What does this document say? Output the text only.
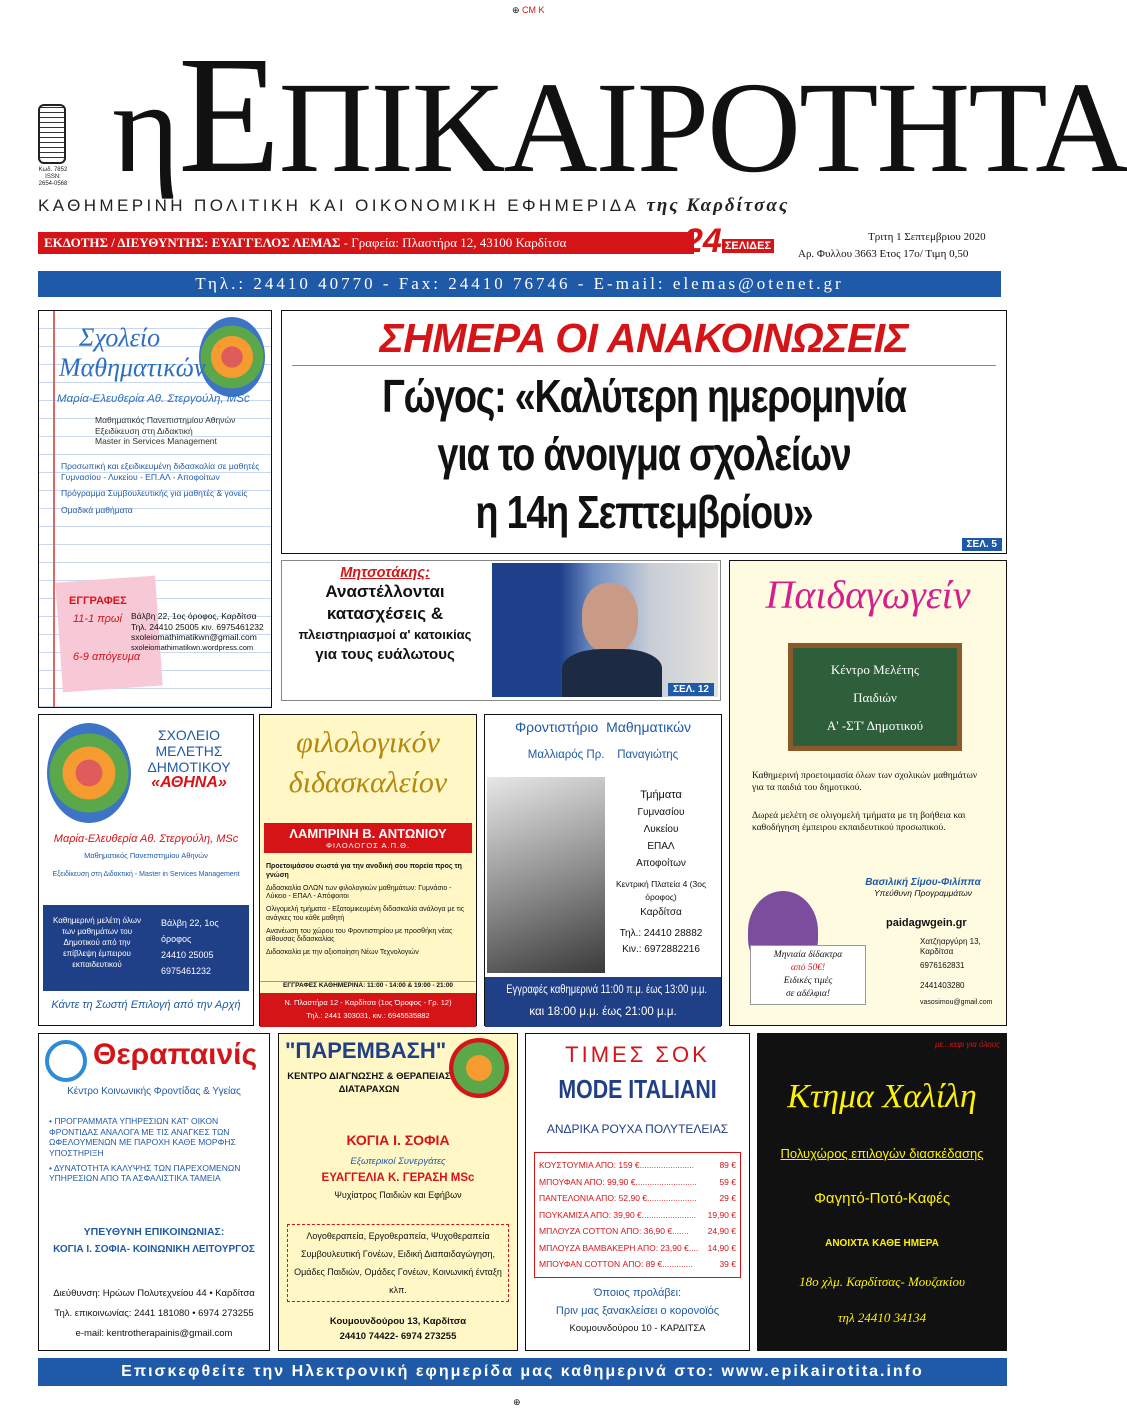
⊕ CM K
⊕
Κωδ. 7852
ISSN: 2654-0568 ηΕΠΙΚΑΙΡΟΤΗΤΑ
ΚΑΘΗΜΕΡΙΝΗ ΠΟΛΙΤΙΚΗ ΚΑΙ ΟΙΚΟΝΟΜΙΚΗ ΕΦΗΜΕΡΙΔΑ της Καρδίτσας
ΕΚΔΟΤΗΣ / ΔΙΕΥΘΥΝΤΗΣ: ΕΥΑΓΓΕΛΟΣ ΛΕΜΑΣ - Γραφεία: Πλαστήρα 12, 43100 Καρδίτσα	24 ΣΕΛΙΔΕΣ
Τριτη 1 Σεπτεμβριου 2020
Αρ. Φυλλου 3663 Ετος 17ο/ Τιμη 0,50
Τηλ.: 24410 40770 - Fax: 24410 76746 - E-mail: elemas@otenet.gr
Σχολείο
Μαθηματικών
Μαρία-Ελευθερία Αθ. Στεργούλη, MSc
Μαθηματικός Πανεπιστημίου Αθηνών
Εξειδίκευση στη Διδακτική
Master in Services Management
Προσωπική και εξειδικευμένη διδασκαλία σε μαθητές Γυμνασίου - Λυκείου - ΕΠ.ΑΛ - Αποφοίτων
Πρόγραμμα Συμβουλευτικής για μαθητές & γονείς
Ομαδικά μαθήματα
ΕΓΓΡΑΦΕΣ
11-1 πρωί
6-9 απόγευμα
Βάλβη 22, 1ος όροφος, Καρδίτσα
Τηλ. 24410 25005 κιν. 6975461232
sxoleiomathimatikwn@gmail.com
sxoleiomathimatikwn.wordpress.com
ΣΗΜΕΡΑ ΟΙ ΑΝΑΚΟΙΝΩΣΕΙΣ
Γώγος: «Καλύτερη ημερομηνία
για το άνοιγμα σχολείων
η 14η Σεπτεμβρίου»
ΣΕΛ. 5
Μητσοτάκης:
Αναστέλλονται
κατασχέσεις &
πλειστηριασμοί α' κατοικίας
για τους ευάλωτους
ΣΕΛ. 12
Παιδαγωγείν
Κέντρο Μελέτης
Παιδιών
Α' -ΣΤ' Δημοτικού
Καθημερινή προετοιμασία όλων των σχολικών μαθημάτων για τα παιδιά του δημοτικού.
Δωρεά μελέτη σε ολιγομελή τμήματα με τη βοήθεια και καθοδήγηση έμπειρου εκπαιδευτικού προσωπικού.
Βασιλική Σίμου-Φιλίππα
Υπεύθυνη Προγραμμάτων
paidagwgein.gr
Μηνιαία δίδακτρα
από 50€!
Ειδικές τιμές
σε αδέλφια!
Χατζηαργύρη 13, Καρδίτσα
6976162831
2441403280
vasosimou@gmail.com
ΣΧΟΛΕΙΟ
ΜΕΛΕΤΗΣ
ΔΗΜΟΤΙΚΟΥ
«ΑΘΗΝΑ»
Μαρία-Ελευθερία Αθ. Στεργούλη, MSc
Μαθηματικός Πανεπιστημίου Αθηνών
Εξειδίκευση στη Διδακτική - Master in Services Management
Καθημερινή μελέτη όλων των μαθημάτων του Δημοτικού από την επίβλεψη έμπειρου εκπαιδευτικού
Βάλβη 22, 1ος όροφος
24410 25005
6975461232
Κάντε τη Σωστή Επιλογή από την Αρχή
φιλολογικόν
διδασκαλείον
ΛΑΜΠΡΙΝΗ Β. ΑΝΤΩΝΙΟΥ
ΦΙΛΟΛΟΓΟΣ Α.Π.Θ.
Προετοιμάσου σωστά για την ανοδική σου πορεία προς τη γνώση
Διδασκαλία ΟΛΩΝ των φιλολογικών μαθημάτων: Γυμνάσιο - Λύκειο - ΕΠΑΛ - Απόφοιτοι
Ολιγομελή τμήματα - Εξατομικευμένη διδασκαλία ανάλογα με τις ανάγκες του κάθε μαθητή
Ανανέωση του χώρου του Φροντιστηρίου με προσθήκη νέας αίθουσας διδασκαλίας
Διδασκαλία με την αξιοποίηση Νέων Τεχνολογιών
ΕΓΓΡΑΦΕΣ ΚΑΘΗΜΕΡΙΝΑ: 11:00 - 14:00 & 19:00 - 21:00
Ν. Πλαστήρα 12 - Καρδίτσα (1ος Όροφος - Γρ. 12)
Τηλ.: 2441 303031, κιν.: 6945535882
Φροντιστήριο  Μαθηματικών
Μαλλιαρός Πρ.    Παναγιώτης
Τμήματα
Γυμνασίου
Λυκείου
ΕΠΑΛ
Αποφοίτων
Κεντρική Πλατεία 4 (3ος όροφος)
Καρδίτσα
Τηλ.: 24410 28882
Κιν.: 6972882216
Εγγραφές καθημερινά 11:00 π.μ. έως 13:00 μ.μ.
και 18:00 μ.μ. έως 21:00 μ.μ.
Θεραπαινίς
Κέντρο Κοινωνικής Φροντίδας & Υγείας
• ΠΡΟΓΡΑΜΜΑΤΑ ΥΠΗΡΕΣΙΩΝ ΚΑΤ' ΟΙΚΟΝ ΦΡΟΝΤΙΔΑΣ ΑΝΑΛΟΓΑ ΜΕ ΤΙΣ ΑΝΑΓΚΕΣ ΤΩΝ ΩΦΕΛΟΥΜΕΝΩΝ ΜΕ ΠΑΡΟΧΗ ΚΑΘΕ ΜΟΡΦΗΣ ΥΠΟΣΤΗΡΙΞΗ
• ΔΥΝΑΤΟΤΗΤΑ ΚΑΛΥΨΗΣ ΤΩΝ ΠΑΡΕΧΟΜΕΝΩΝ ΥΠΗΡΕΣΙΩΝ ΑΠΟ ΤΑ ΑΣΦΑΛΙΣΤΙΚΑ ΤΑΜΕΙΑ
ΥΠΕΥΘΥΝΗ ΕΠΙΚΟΙΝΩΝΙΑΣ:
ΚΟΓΙΑ Ι. ΣΟΦΙΑ- ΚΟΙΝΩΝΙΚΗ ΛΕΙΤΟΥΡΓΟΣ
Διεύθυνση: Ηρώων Πολυτεχνείου 44 • Καρδίτσα
Τηλ. επικοινωνίας: 2441 181080 • 6974 273255
e-mail: kentrotherapainis@gmail.com
"ΠΑΡΕΜΒΑΣΗ"
ΚΕΝΤΡΟ ΔΙΑΓΝΩΣΗΣ & ΘΕΡΑΠΕΙΑΣ ΔΙΑΤΑΡΑΧΩΝ
ΚΟΓΙΑ Ι. ΣΟΦΙΑ
Εξωτερικοί Συνεργάτες
ΕΥΑΓΓΕΛΙΑ Κ. ΓΕΡΑΣΗ MSc
Ψυχίατρος Παιδιών και Εφήβων
Λογοθεραπεία, Εργοθεραπεία, Ψυχοθεραπεία Συμβουλευτική Γονέων, Ειδική Διαπαιδαγώγηση, Ομάδες Παιδιών, Ομάδες Γονέων, Κοινωνική ένταξη κλπ.
Κουμουνδούρου 13, Καρδίτσα
24410 74422- 6974 273255
ΤΙΜΕΣ ΣΟΚ
MODE ITALIANI
ΑΝΔΡΙΚΑ ΡΟΥΧΑ ΠΟΛΥΤΕΛΕΙΑΣ
ΚΟΥΣΤΟΥΜΙΑ ΑΠΟ: 159 €.......................	89 €
ΜΠΟΥΦΑΝ ΑΠΟ: 99,90 €..........................	59 €
ΠΑΝΤΕΛΟΝΙΑ ΑΠΟ: 52,90 €.....................	29 €
ΠΟΥΚΑΜΙΣΑ ΑΠΟ: 39,90 €....................... 19,90 €
ΜΠΛΟΥΖΑ COTTON ΑΠΟ: 36,90 €....... 24,90 €
ΜΠΛΟΥΖΑ ΒΑΜΒΑΚΕΡΗ ΑΠΟ: 23,90 €.... 14,90 €
ΜΠΟΥΦΑΝ COTTON ΑΠΟ: 89 €.............	39 €
Όποιος προλάβει:
Πριν μας ξανακλείσει ο κορονοϊός
Κουμουνδούρου 10 - ΚΑΡΔΙΤΣΑ
με...κεφι για όλους
Κτημα Χαλίλη
Πολυχώρος επιλογών διασκέδασης
Φαγητό-Ποτό-Καφές
ΑΝΟΙΧΤΑ ΚΑΘΕ ΗΜΕΡΑ
18ο χλμ. Καρδίτσας- Μουζακίου
τηλ 24410 34134
Επισκεφθείτε την Ηλεκτρονική εφημερίδα μας καθημερινά στο: www.epikairotita.info
